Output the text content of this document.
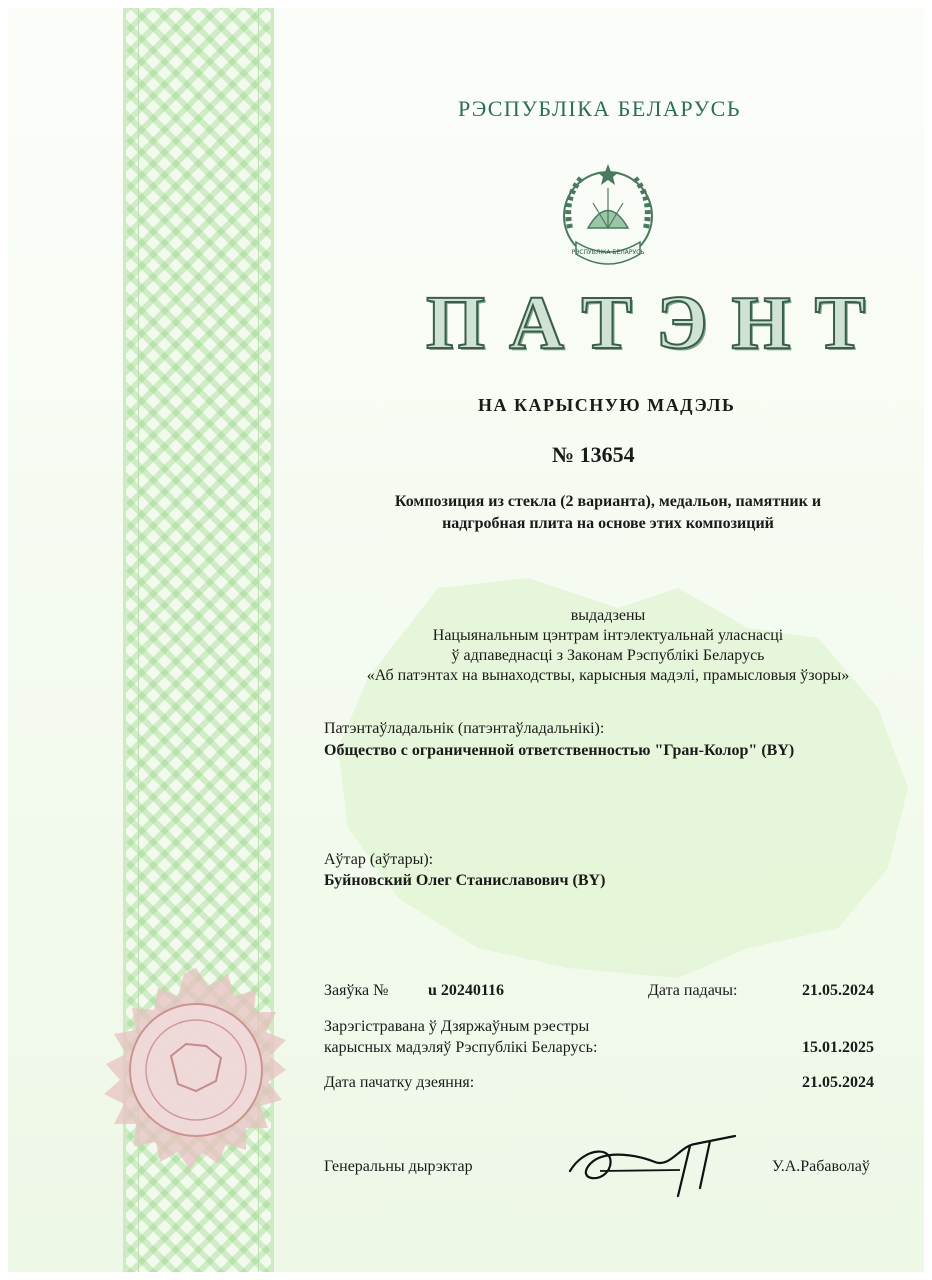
РЭСПУБЛІКА БЕЛАРУСЬ
РЭСПУБЛІКА БЕЛАРУСЬ
ПАТЭНТ
НА КАРЫСНУЮ МАДЭЛЬ
№ 13654
Композиция из стекла (2 варианта), медальон, памятник и
надгробная плита на основе этих композиций
выдадзены
Нацыянальным цэнтрам інтэлектуальнай уласнасці
ў адпаведнасці з Законам Рэспублікі Беларусь
«Аб патэнтах на вынаходствы, карысныя мадэлі, прамысловыя ўзоры»
Патэнтаўладальнік (патэнтаўладальнікі):
Общество с ограниченной ответственностью "Гран-Колор" (BY)
Аўтар (аўтары):
Буйновский Олег Станиславович (BY)
Заяўка № u 20240116	Дата падачы:	21.05.2024
Зарэгістравана ў Дзяржаўным рэестры
карысных мадэляў Рэспублікі Беларусь:	15.01.2025
Дата пачатку дзеяння:	21.05.2024
Генеральны дырэктар	У.А.Рабаволаў
